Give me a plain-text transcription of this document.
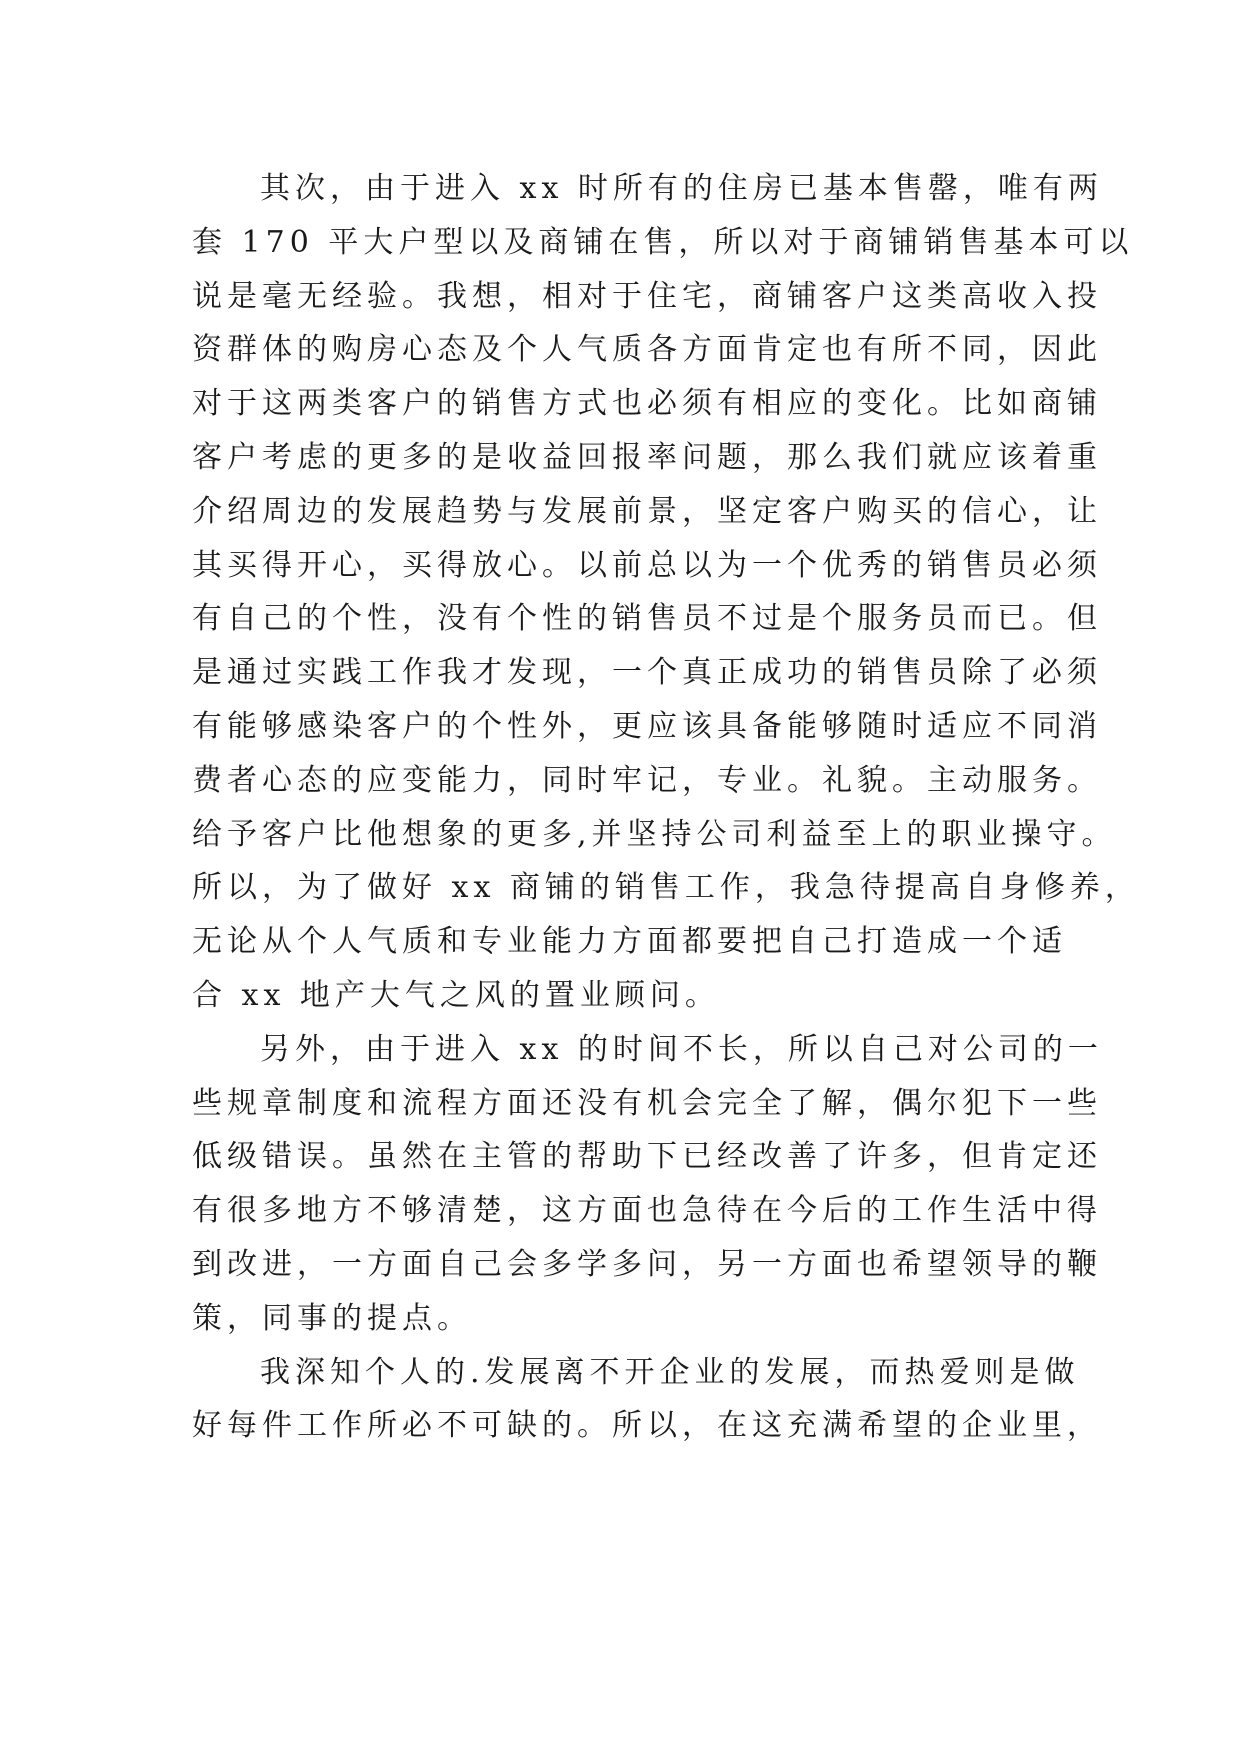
其次，由于进入 xx 时所有的住房已基本售罄，唯有两
套 170 平大户型以及商铺在售，所以对于商铺销售基本可以
说是毫无经验。我想，相对于住宅，商铺客户这类高收入投
资群体的购房心态及个人气质各方面肯定也有所不同，因此
对于这两类客户的销售方式也必须有相应的变化。比如商铺
客户考虑的更多的是收益回报率问题，那么我们就应该着重
介绍周边的发展趋势与发展前景，坚定客户购买的信心，让
其买得开心，买得放心。以前总以为一个优秀的销售员必须
有自己的个性，没有个性的销售员不过是个服务员而已。但
是通过实践工作我才发现，一个真正成功的销售员除了必须
有能够感染客户的个性外，更应该具备能够随时适应不同消
费者心态的应变能力，同时牢记，专业。礼貌。主动服务。
给予客户比他想象的更多,并坚持公司利益至上的职业操守。
所以，为了做好 xx 商铺的销售工作，我急待提高自身修养，
无论从个人气质和专业能力方面都要把自己打造成一个适
合 xx 地产大气之风的置业顾问。
另外，由于进入 xx 的时间不长，所以自己对公司的一
些规章制度和流程方面还没有机会完全了解，偶尔犯下一些
低级错误。虽然在主管的帮助下已经改善了许多，但肯定还
有很多地方不够清楚，这方面也急待在今后的工作生活中得
到改进，一方面自己会多学多问，另一方面也希望领导的鞭
策，同事的提点。
我深知个人的.发展离不开企业的发展，而热爱则是做
好每件工作所必不可缺的。所以，在这充满希望的企业里，
